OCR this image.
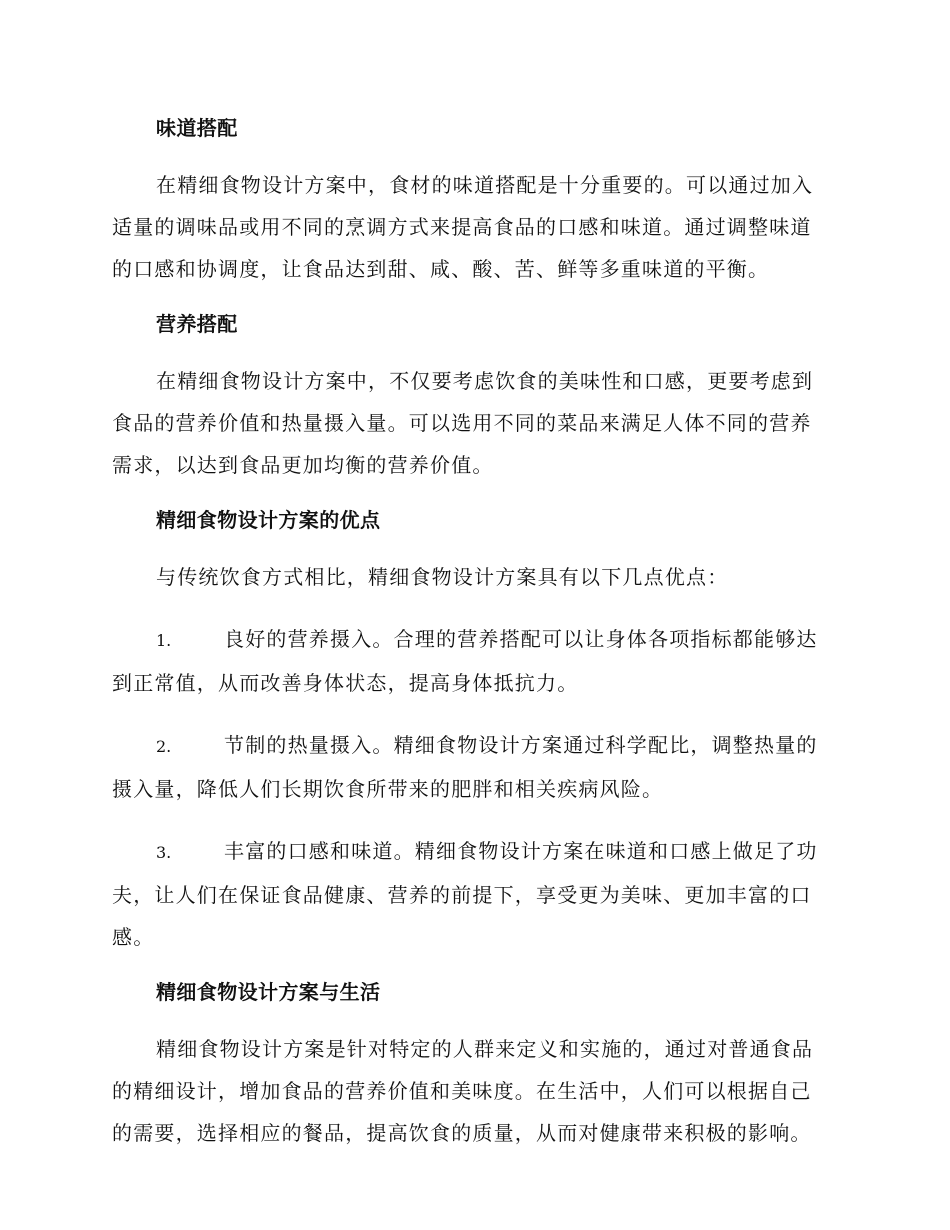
味道搭配

在精细食物设计方案中，食材的味道搭配是十分重要的。可以通过加入适量的调味品或用不同的烹调方式来提高食品的口感和味道。通过调整味道的口感和协调度，让食品达到甜、咸、酸、苦、鲜等多重味道的平衡。

营养搭配

在精细食物设计方案中，不仅要考虑饮食的美味性和口感，更要考虑到食品的营养价值和热量摄入量。可以选用不同的菜品来满足人体不同的营养需求，以达到食品更加均衡的营养价值。

精细食物设计方案的优点

与传统饮食方式相比，精细食物设计方案具有以下几点优点：

1.	良好的营养摄入。合理的营养搭配可以让身体各项指标都能够达到正常值，从而改善身体状态，提高身体抵抗力。

2.	节制的热量摄入。精细食物设计方案通过科学配比，调整热量的摄入量，降低人们长期饮食所带来的肥胖和相关疾病风险。

3.	丰富的口感和味道。精细食物设计方案在味道和口感上做足了功夫，让人们在保证食品健康、营养的前提下，享受更为美味、更加丰富的口感。

精细食物设计方案与生活

精细食物设计方案是针对特定的人群来定义和实施的，通过对普通食品的精细设计，增加食品的营养价值和美味度。在生活中，人们可以根据自己的需要，选择相应的餐品，提高饮食的质量，从而对健康带来积极的影响。
